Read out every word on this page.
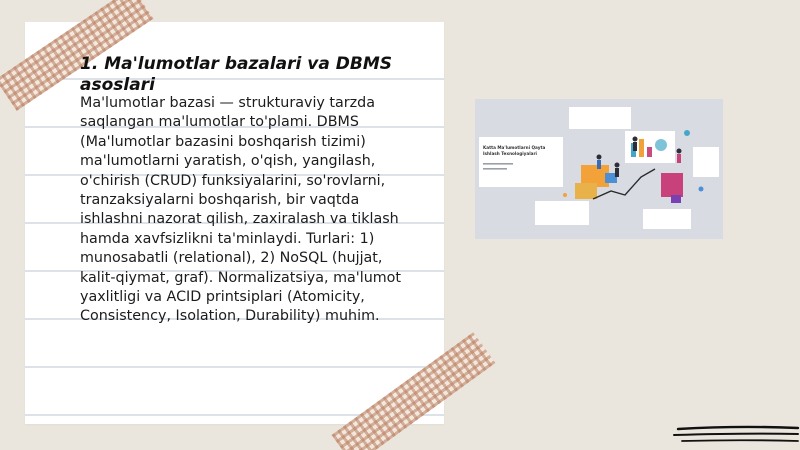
1. Ma'lumotlar bazalari va DBMS asoslari

Ma'lumotlar bazasi — strukturaviy tarzda saqlangan ma'lumotlar to'plami. DBMS (Ma'lumotlar bazasini boshqarish tizimi) ma'lumotlarni yaratish, o'qish, yangilash, o'chirish (CRUD) funksiyalarini, so'rovlarni, tranzaksiyalarni boshqarish, bir vaqtda ishlashni nazorat qilish, zaxiralash va tiklash hamda xavfsizlikni ta'minlaydi. Turlari: 1) munosabatli (relational), 2) NoSQL (hujjat, kalit-qiymat, graf). Normalizatsiya, ma'lumot yaxlitligi va ACID printsiplari (Atomicity, Consistency, Isolation, Durability) muhim.

Katta Ma'lumotlarni Qayta
Ishlash Texnologiyalari
